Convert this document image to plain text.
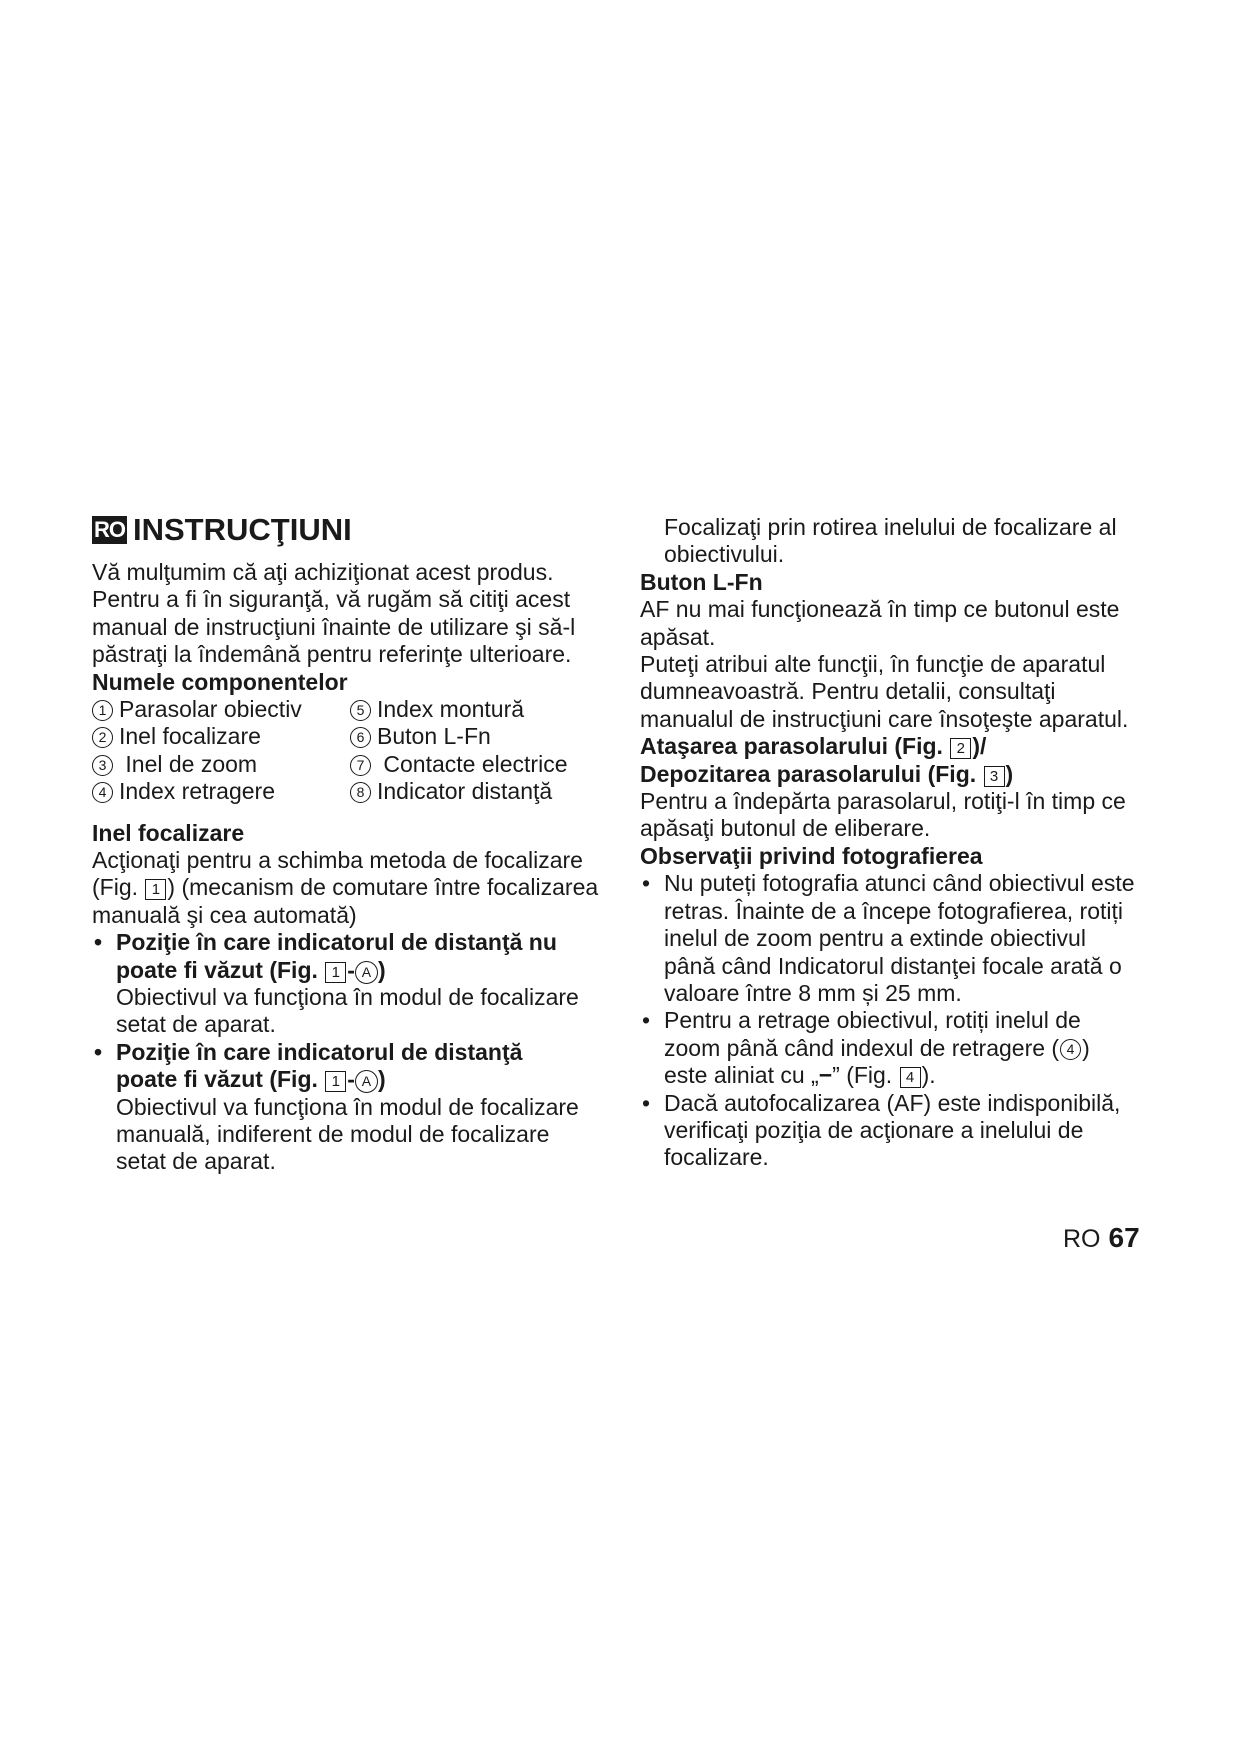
RO INSTRUCŢIUNI
Vă mulţumim că aţi achiziţionat acest produs.
Pentru a fi în siguranţă, vă rugăm să citiţi acest
manual de instrucţiuni înainte de utilizare şi să-l
păstraţi la îndemână pentru referinţe ulterioare.
Numele componentelor
1 Parasolar obiectiv	5 Index montură
2 Inel focalizare	6 Buton L-Fn
3 Inel de zoom	7 Contacte electrice
4 Index retragere	8 Indicator distanţă
Inel focalizare
Acţionaţi pentru a schimba metoda de focalizare
(Fig. 1 ) (mecanism de comutare între focalizarea
manuală şi cea automată)
• Poziţie în care indicatorul de distanţă nu
poate fi văzut (Fig. 1 - A )
Obiectivul va funcţiona în modul de focalizare
setat de aparat.
• Poziţie în care indicatorul de distanţă
poate fi văzut (Fig. 1 - A )
Obiectivul va funcţiona în modul de focalizare
manuală, indiferent de modul de focalizare
setat de aparat.
Focalizaţi prin rotirea inelului de focalizare al
obiectivului.
Buton L-Fn
AF nu mai funcţionează în timp ce butonul este
apăsat.
Puteţi atribui alte funcţii, în funcţie de aparatul
dumneavoastră. Pentru detalii, consultaţi
manualul de instrucţiuni care însoţeşte aparatul.
Ataşarea parasolarului (Fig. 2 )/
Depozitarea parasolarului (Fig. 3 )
Pentru a îndepărta parasolarul, rotiţi-l în timp ce
apăsaţi butonul de eliberare.
Observaţii privind fotografierea
• Nu puteți fotografia atunci când obiectivul este
retras. Înainte de a începe fotografierea, rotiți
inelul de zoom pentru a extinde obiectivul
până când Indicatorul distanţei focale arată o
valoare între 8 mm și 25 mm.
• Pentru a retrage obiectivul, rotiți inelul de
zoom până când indexul de retragere ( 4 )
este aliniat cu „−” (Fig. 4 ).
• Dacă autofocalizarea (AF) este indisponibilă,
verificaţi poziţia de acţionare a inelului de
focalizare.
RO 67
